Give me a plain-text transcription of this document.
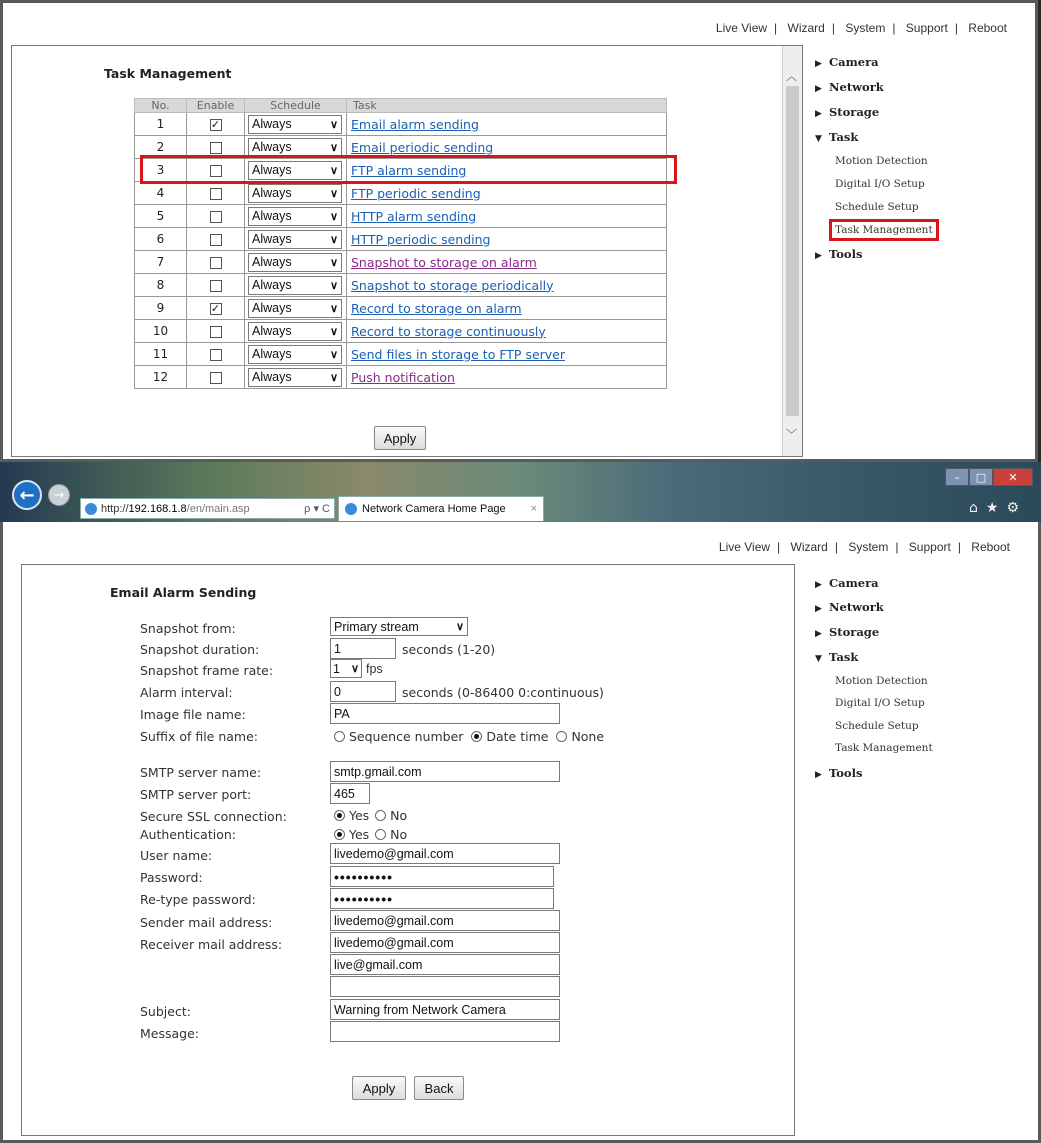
Live View | Wizard | System | Support | Reboot
Task Management
No.	Enable	Schedule	Task
1	✓	Always ∨	Email alarm sending
2		Always ∨	Email periodic sending
3		Always ∨	FTP alarm sending
4		Always ∨	FTP periodic sending
5		Always ∨	HTTP alarm sending
6		Always ∨	HTTP periodic sending
7		Always ∨	Snapshot to storage on alarm
8		Always ∨	Snapshot to storage periodically
9	✓	Always ∨	Record to storage on alarm
10		Always ∨	Record to storage continuously
11		Always ∨	Send files in storage to FTP server
12		Always ∨	Push notification
Apply
︿
﹀
▶ Camera
▶ Network
▶ Storage
▼ Task
Motion Detection
Digital I/O Setup
Schedule Setup
Task Management
▶ Tools
←	→
http:// 192.168.1.8 /en/main.asp	ρ ▾ C	Network Camera Home Page ×
–	□	✕
⌂★⚙
Live View | Wizard | System | Support | Reboot
Email Alarm Sending
Snapshot from:	Primary stream	∨
Snapshot duration:	1	seconds (1-20)
Snapshot frame rate:	1 ∨ fps
Alarm interval:	0	seconds (0-86400 0:continuous)
Image file name:	PA
Suffix of file name:	Sequence number Date time None
SMTP server name:	smtp.gmail.com
SMTP server port:	465
Secure SSL connection:	Yes No
Authentication:	Yes No
User name:	livedemo@gmail.com
Password:	••••••••••
Re-type password:	••••••••••
Sender mail address:	livedemo@gmail.com
Receiver mail address:	livedemo@gmail.com
live@gmail.com
Subject:	Warning from Network Camera
Message:
Apply	Back
▶ Camera
▶ Network
▶ Storage
▼ Task
Motion Detection
Digital I/O Setup
Schedule Setup
Task Management
▶ Tools
